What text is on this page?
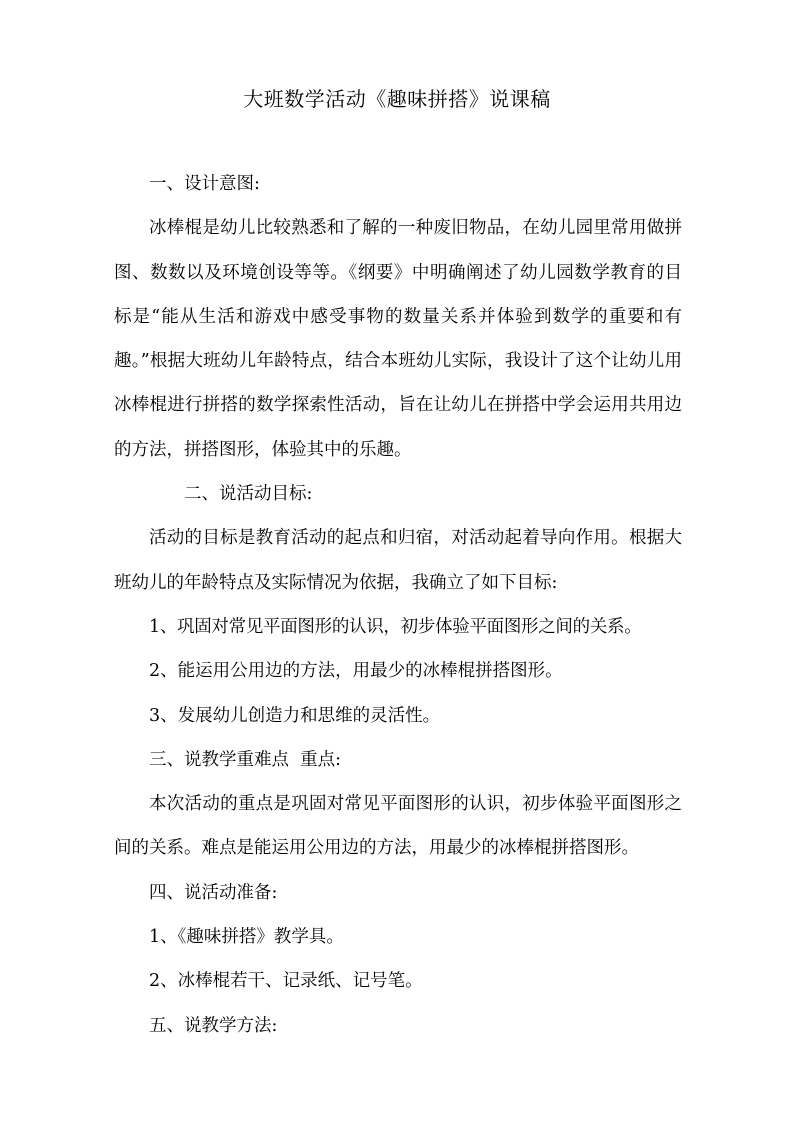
大班数学活动《趣味拼搭》说课稿

一、设计意图:

冰棒棍是幼儿比较熟悉和了解的一种废旧物品，在幼儿园里常用做拼图、数数以及环境创设等等。《纲要》中明确阐述了幼儿园数学教育的目标是“能从生活和游戏中感受事物的数量关系并体验到数学的重要和有趣。”根据大班幼儿年龄特点，结合本班幼儿实际，我设计了这个让幼儿用冰棒棍进行拼搭的数学探索性活动，旨在让幼儿在拼搭中学会运用共用边的方法，拼搭图形，体验其中的乐趣。

二、说活动目标:

活动的目标是教育活动的起点和归宿，对活动起着导向作用。根据大班幼儿的年龄特点及实际情况为依据，我确立了如下目标:

1、巩固对常见平面图形的认识，初步体验平面图形之间的关系。

2、能运用公用边的方法，用最少的冰棒棍拼搭图形。

3、发展幼儿创造力和思维的灵活性。

三、说教学重难点  重点:

本次活动的重点是巩固对常见平面图形的认识，初步体验平面图形之间的关系。难点是能运用公用边的方法，用最少的冰棒棍拼搭图形。

四、说活动准备:

1、《趣味拼搭》教学具。

2、冰棒棍若干、记录纸、记号笔。

五、说教学方法:
